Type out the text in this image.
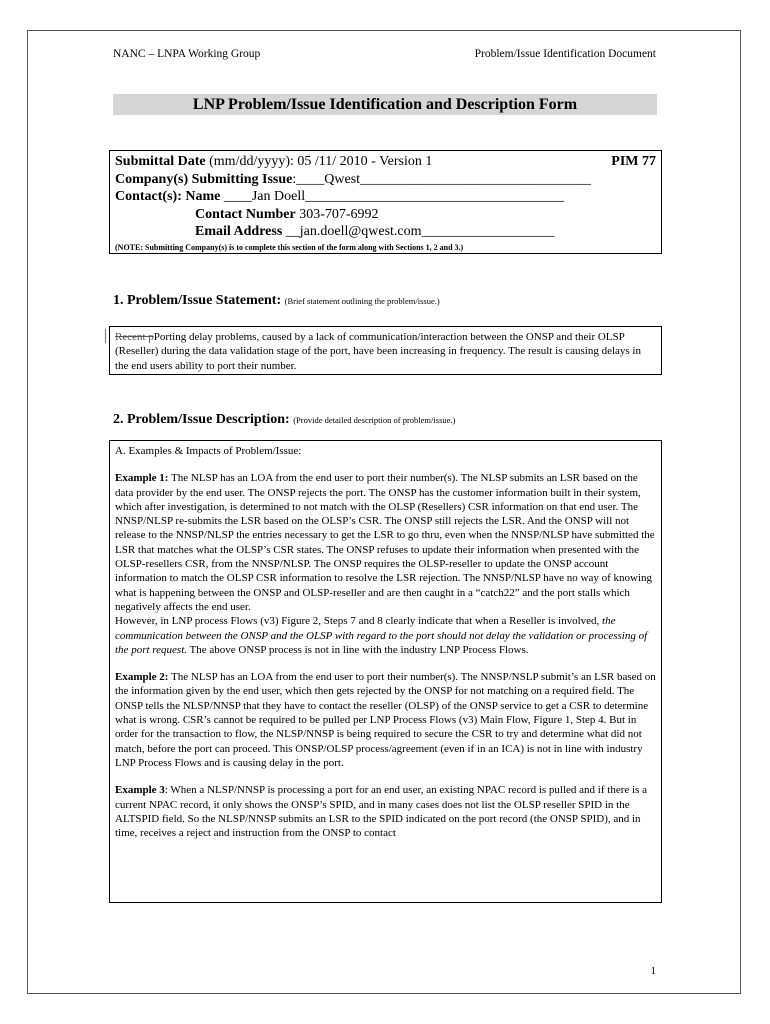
NANC – LNPA Working Group	Problem/Issue Identification Document
LNP Problem/Issue Identification and Description Form
Submittal Date (mm/dd/yyyy): 05 /11/ 2010 - Version 1	PIM 77
Company(s) Submitting Issue:____Qwest_________________________________
Contact(s): Name ____Jan Doell_____________________________________
Contact Number 303-707-6992
Email Address __jan.doell@qwest.com___________________
(NOTE: Submitting Company(s) is to complete this section of the form along with Sections 1, 2 and 3.)
1. Problem/Issue Statement: (Brief statement outlining the problem/issue.)

Recent pPorting delay problems, caused by a lack of communication/interaction between the ONSP and their OLSP (Reseller) during the data validation stage of the port, have been increasing in frequency. The result is causing delays in the end users ability to port their number.

2. Problem/Issue Description: (Provide detailed description of problem/issue.)

A. Examples & Impacts of Problem/Issue:

Example 1: The NLSP has an LOA from the end user to port their number(s). The NLSP submits an LSR based on the data provider by the end user. The ONSP rejects the port. The ONSP has the customer information built in their system, which after investigation, is determined to not match with the OLSP (Resellers) CSR information on that end user. The NNSP/NLSP re-submits the LSR based on the OLSP’s CSR. The ONSP still rejects the LSR. And the ONSP will not release to the NNSP/NLSP the entries necessary to get the LSR to go thru, even when the NNSP/NLSP have submitted the LSR that matches what the OLSP’s CSR states. The ONSP refuses to update their information when presented with the OLSP-resellers CSR, from the NNSP/NLSP. The ONSP requires the OLSP-reseller to update the ONSP account information to match the OLSP CSR information to resolve the LSR rejection. The NNSP/NLSP have no way of knowing what is happening between the ONSP and OLSP-reseller and are then caught in a “catch22” and the port stalls which negatively affects the end user.

However, in LNP process Flows (v3) Figure 2, Steps 7 and 8 clearly indicate that when a Reseller is involved, the communication between the ONSP and the OLSP with regard to the port should not delay the validation or processing of the port request. The above ONSP process is not in line with the industry LNP Process Flows.

Example 2: The NLSP has an LOA from the end user to port their number(s). The NNSP/NSLP submit’s an LSR based on the information given by the end user, which then gets rejected by the ONSP for not matching on a required field. The ONSP tells the NLSP/NNSP that they have to contact the reseller (OLSP) of the ONSP service to get a CSR to determine what is wrong. CSR’s cannot be required to be pulled per LNP Process Flows (v3) Main Flow, Figure 1, Step 4. But in order for the transaction to flow, the NLSP/NNSP is being required to secure the CSR to try and determine what did not match, before the port can proceed. This ONSP/OLSP process/agreement (even if in an ICA) is not in line with industry LNP Process Flows and is causing delay in the port.

Example 3: When a NLSP/NNSP is processing a port for an end user, an existing NPAC record is pulled and if there is a current NPAC record, it only shows the ONSP’s SPID, and in many cases does not list the OLSP reseller SPID in the ALTSPID field. So the NLSP/NNSP submits an LSR to the SPID indicated on the port record (the ONSP SPID), and in time, receives a reject and instruction from the ONSP to contact

1
